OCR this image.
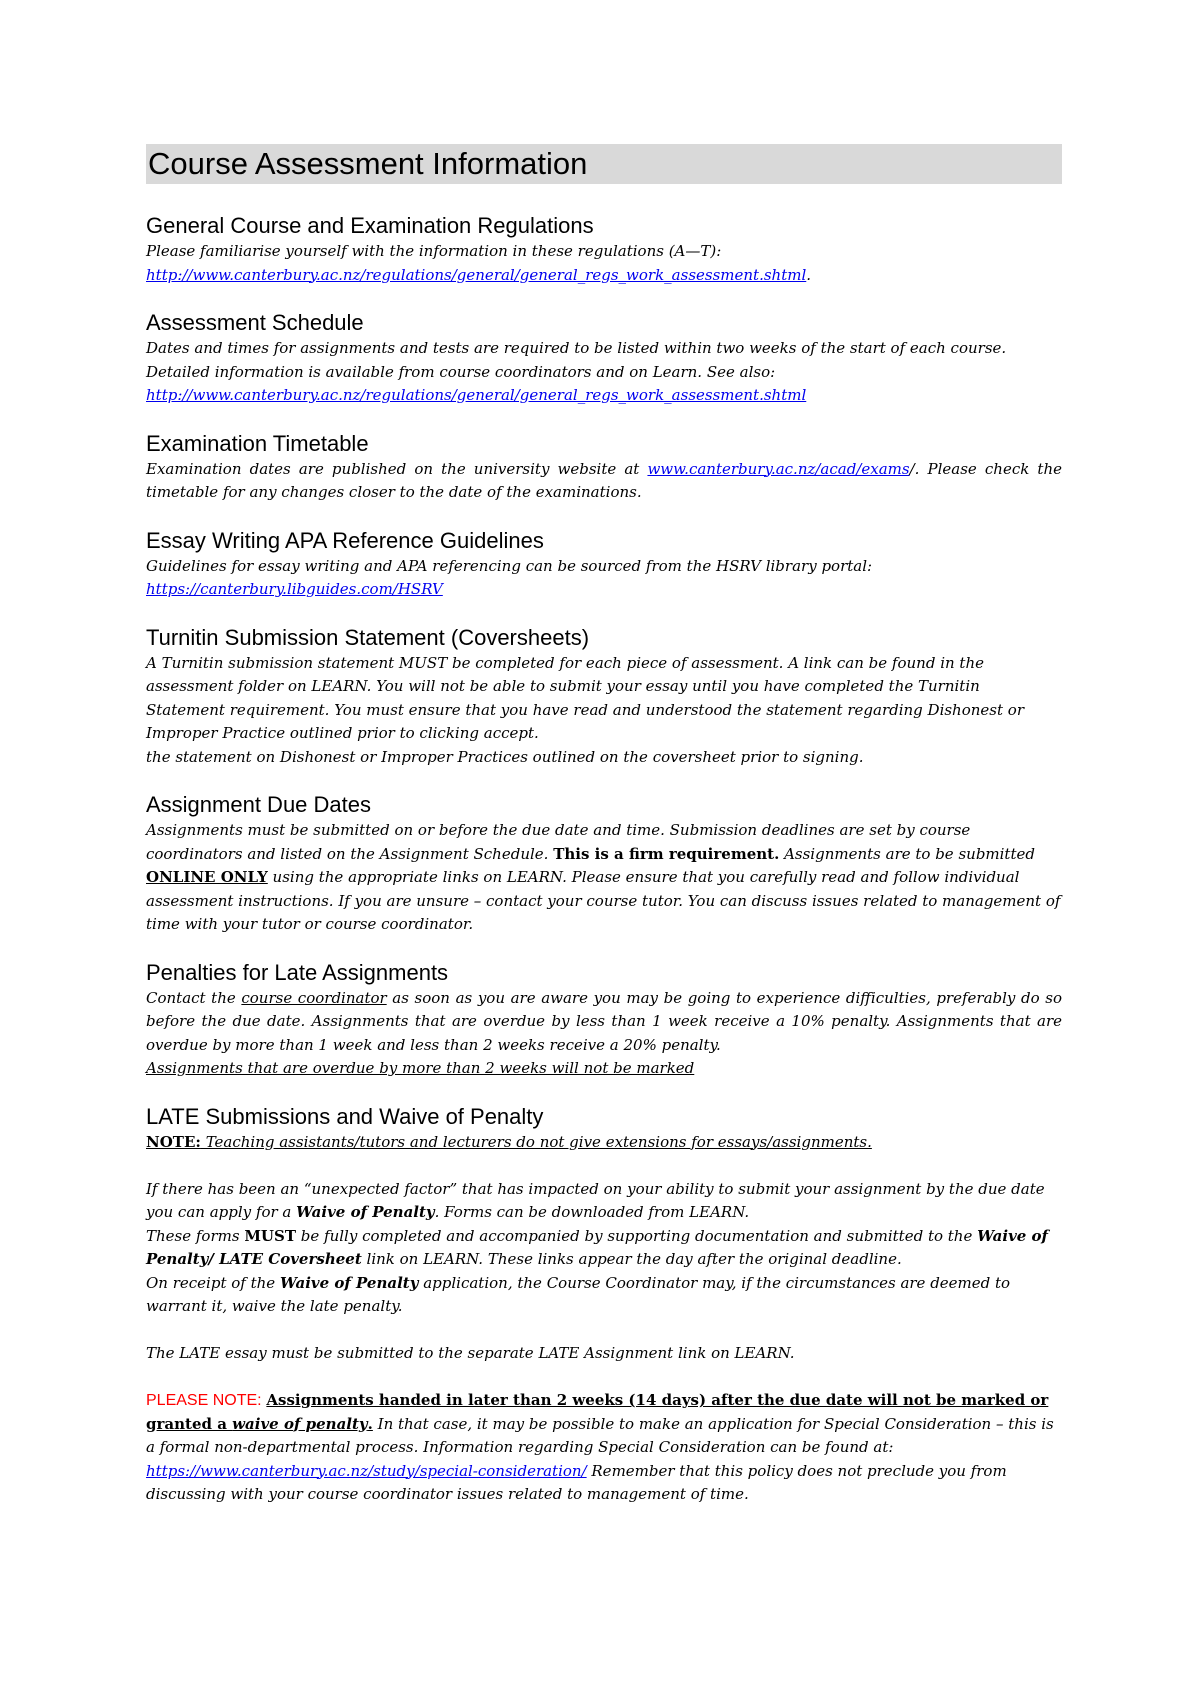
Course Assessment Information
General Course and Examination Regulations

Please familiarise yourself with the information in these regulations (A—T):
http://www.canterbury.ac.nz/regulations/general/general_regs_work_assessment.shtml.

Assessment Schedule

Dates and times for assignments and tests are required to be listed within two weeks of the start of each course. Detailed information is available from course coordinators and on Learn. See also:
http://www.canterbury.ac.nz/regulations/general/general_regs_work_assessment.shtml

Examination Timetable

Examination dates are published on the university website at www.canterbury.ac.nz/acad/exams/. Please check the timetable for any changes closer to the date of the examinations.

Essay Writing APA Reference Guidelines

Guidelines for essay writing and APA referencing can be sourced from the HSRV library portal:
https://canterbury.libguides.com/HSRV

Turnitin Submission Statement (Coversheets)

A Turnitin submission statement MUST be completed for each piece of assessment. A link can be found in the assessment folder on LEARN. You will not be able to submit your essay until you have completed the Turnitin Statement requirement. You must ensure that you have read and understood the statement regarding Dishonest or Improper Practice outlined prior to clicking accept.

the statement on Dishonest or Improper Practices outlined on the coversheet prior to signing.

Assignment Due Dates

Assignments must be submitted on or before the due date and time. Submission deadlines are set by course coordinators and listed on the Assignment Schedule. This is a firm requirement. Assignments are to be submitted ONLINE ONLY using the appropriate links on LEARN. Please ensure that you carefully read and follow individual assessment instructions. If you are unsure – contact your course tutor. You can discuss issues related to management of time with your tutor or course coordinator.

Penalties for Late Assignments

Contact the course coordinator as soon as you are aware you may be going to experience difficulties, preferably do so before the due date. Assignments that are overdue by less than 1 week receive a 10% penalty. Assignments that are overdue by more than 1 week and less than 2 weeks receive a 20% penalty.
Assignments that are overdue by more than 2 weeks will not be marked

LATE Submissions and Waive of Penalty

NOTE: Teaching assistants/tutors and lecturers do not give extensions for essays/assignments.

If there has been an “unexpected factor” that has impacted on your ability to submit your assignment by the due date you can apply for a Waive of Penalty. Forms can be downloaded from LEARN.

These forms MUST be fully completed and accompanied by supporting documentation and submitted to the Waive of Penalty/ LATE Coversheet link on LEARN. These links appear the day after the original deadline.

On receipt of the Waive of Penalty application, the Course Coordinator may, if the circumstances are deemed to warrant it, waive the late penalty.

The LATE essay must be submitted to the separate LATE Assignment link on LEARN.

PLEASE NOTE: Assignments handed in later than 2 weeks (14 days) after the due date will not be marked or granted a waive of penalty. In that case, it may be possible to make an application for Special Consideration – this is a formal non-departmental process. Information regarding Special Consideration can be found at: https://www.canterbury.ac.nz/study/special-consideration/ Remember that this policy does not preclude you from discussing with your course coordinator issues related to management of time.
